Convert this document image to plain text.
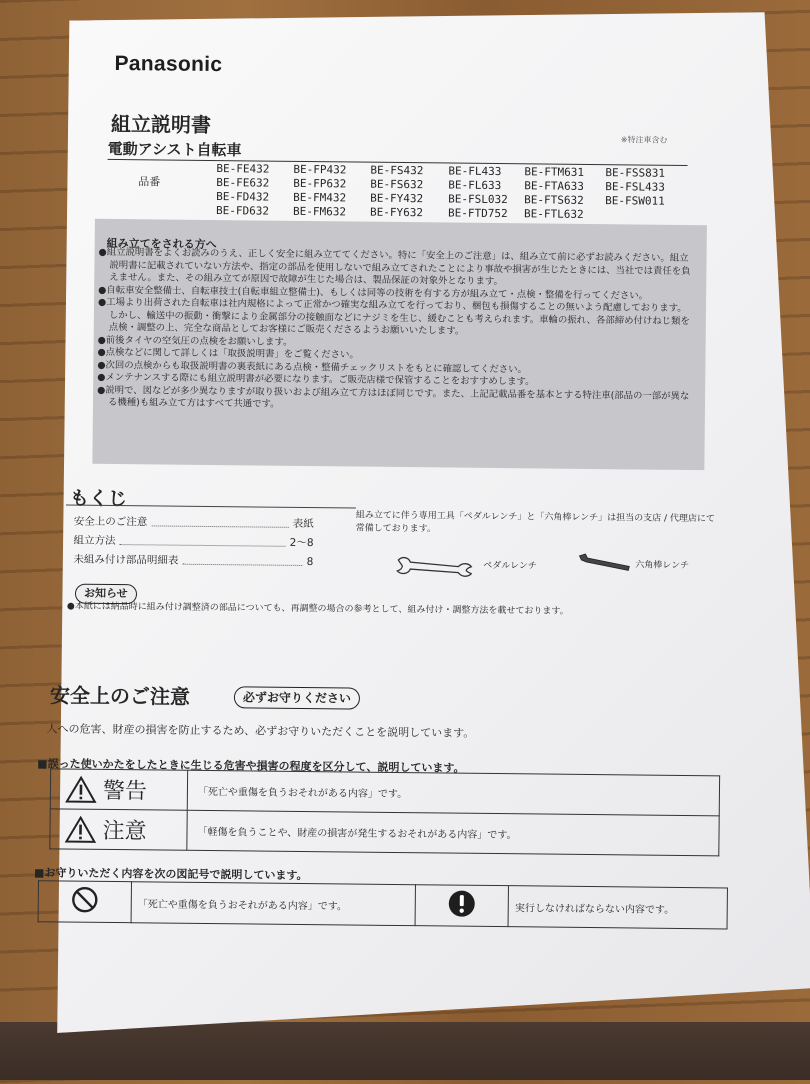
Panasonic
組立説明書
※特注車含む
電動アシスト自転車
品番
BE-FE432	BE-FP432	BE-FS432	BE-FL433	BE-FTM631	BE-FSS831
BE-FE632	BE-FP632	BE-FS632	BE-FL633	BE-FTA633	BE-FSL433
BE-FD432	BE-FM432	BE-FY432	BE-FSL032	BE-FTS632	BE-FSW011
BE-FD632	BE-FM632	BE-FY632	BE-FTD752	BE-FTL632
組み立てをされる方へ
●組立説明書をよくお読みのうえ、正しく安全に組み立ててください。特に「安全上のご注意」は、組み立て前に必ずお読みください。組立説明書に記載されていない方法や、指定の部品を使用しないで組み立てされたことにより事故や損害が生じたときには、当社では責任を負えません。また、その組み立てが原因で故障が生じた場合は、製品保証の対象外となります。
●自転車安全整備士、自転車技士(自転車組立整備士)、もしくは同等の技術を有する方が組み立て・点検・整備を行ってください。
●工場より出荷された自転車は社内規格によって正常かつ確実な組み立てを行っており、梱包も損傷することの無いよう配慮しております。しかし、輸送中の振動・衝撃により金属部分の接触面などにナジミを生じ、緩むことも考えられます。車輪の振れ、各部締め付けねじ類を点検・調整の上、完全な商品としてお客様にご販売くださるようお願いいたします。
●前後タイヤの空気圧の点検をお願いします。
●点検などに関して詳しくは「取扱説明書」をご覧ください。
●次回の点検からも取扱説明書の裏表紙にある点検・整備チェックリストをもとに確認してください。
●メンテナンスする際にも組立説明書が必要になります。ご販売店様で保管することをおすすめします。
●説明で、図などが多少異なりますが取り扱いおよび組み立て方はほぼ同じです。また、上記記載品番を基本とする特注車(部品の一部が異なる機種)も組み立て方はすべて共通です。
もくじ
安全上のご注意	表紙
組立方法	2～8
未組み付け部品明細表	8
組み立てに伴う専用工具「ペダルレンチ」と「六角棒レンチ」は担当の支店 / 代理店にて常備しております。
ペダルレンチ	六角棒レンチ
お知らせ
●本紙には納品時に組み付け調整済の部品についても、再調整の場合の参考として、組み付け・調整方法を載せております。
安全上のご注意	必ずお守りください
人への危害、財産の損害を防止するため、必ずお守りいただくことを説明しています。
■誤った使いかたをしたときに生じる危害や損害の程度を区分して、説明しています。
警告	「死亡や重傷を負うおそれがある内容」です。

注意	「軽傷を負うことや、財産の損害が発生するおそれがある内容」です。
■お守りいただく内容を次の図記号で説明しています。
	「死亡や重傷を負うおそれがある内容」です。		実行しなければならない内容です。
